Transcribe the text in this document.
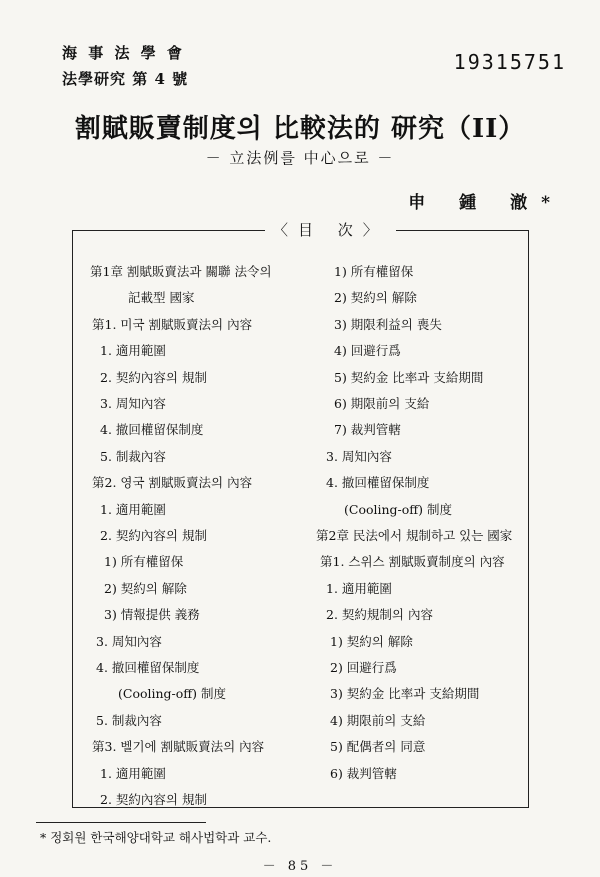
海 事 法 學 會
法學研究 第 4 號
19315751
割賦販賣制度의 比較法的 研究（II）
－ 立法例를 中心으로 －
申 鍾 澈*
〈目 次〉
第1章 割賦販賣法과 關聯 法令의
記載型 國家
第1. 미국 割賦販賣法의 內容
1. 適用範圍
2. 契約內容의 規制
3. 周知內容
4. 撤回權留保制度
5. 制裁內容
第2. 영국 割賦販賣法의 內容
1. 適用範圍
2. 契約內容의 規制
1) 所有權留保
2) 契約의 解除
3) 情報提供 義務
3. 周知內容
4. 撤回權留保制度
(Cooling-off) 制度
5. 制裁內容
第3. 벨기에 割賦販賣法의 內容
1. 適用範圍
2. 契約內容의 規制
1) 所有權留保
2) 契約의 解除
3) 期限利益의 喪失
4) 回避行爲
5) 契約金 比率과 支給期間
6) 期限前의 支給
7) 裁判管轄
3. 周知內容
4. 撤回權留保制度
(Cooling-off) 制度
第2章 民法에서 規制하고 있는 國家
第1. 스위스 割賦販賣制度의 內容
1. 適用範圍
2. 契約規制의 內容
1) 契約의 解除
2) 回避行爲
3) 契約金 比率과 支給期間
4) 期限前의 支給
5) 配偶者의 同意
6) 裁判管轄
* 정회원 한국해양대학교 해사법학과 교수.
－ 85 －
